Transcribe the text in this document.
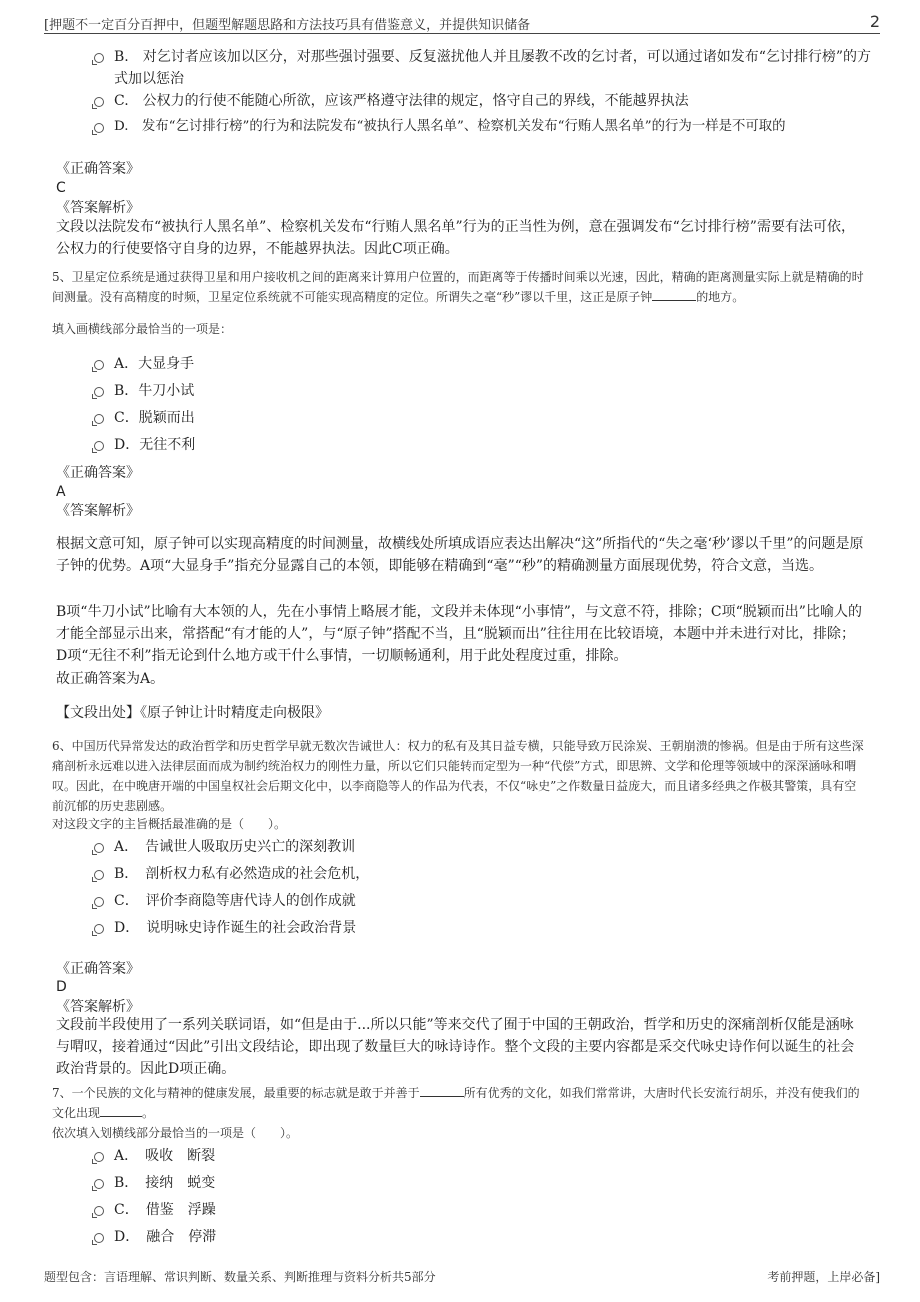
[押题不一定百分百押中，但题型解题思路和方法技巧具有借鉴意义，并提供知识储备	2
B.　 对乞讨者应该加以区分，对那些强讨强要、反复滋扰他人并且屡教不改的乞讨者，可以通过诸如发布“乞讨排行榜”的方式加以惩治
C.　 公权力的行使不能随心所欲，应该严格遵守法律的规定，恪守自己的界线，不能越界执法
D.　 发布“乞讨排行榜”的行为和法院发布“被执行人黑名单”、检察机关发布“行贿人黑名单”的行为一样是不可取的
《正确答案》
C
《答案解析》
文段以法院发布“被执行人黑名单”、检察机关发布“行贿人黑名单”行为的正当性为例，意在强调发布“乞讨排行榜”需要有法可依，公权力的行使要恪守自身的边界，不能越界执法。因此C项正确。
5、卫星定位系统是通过获得卫星和用户接收机之间的距离来计算用户位置的，而距离等于传播时间乘以光速，因此，精确的距离测量实际上就是精确的时间测量。没有高精度的时频，卫星定位系统就不可能实现高精度的定位。所谓失之毫“秒”谬以千里，这正是原子钟	的地方。
填入画横线部分最恰当的一项是：
A．大显身手
B．牛刀小试
C．脱颖而出
D．无往不利
《正确答案》
A
《答案解析》
根据文意可知，原子钟可以实现高精度的时间测量，故横线处所填成语应表达出解决“这”所指代的“失之毫‘秒’谬以千里”的问题是原子钟的优势。A项“大显身手”指充分显露自己的本领，即能够在精确到“毫”“秒”的精确测量方面展现优势，符合文意，当选。
B项“牛刀小试”比喻有大本领的人，先在小事情上略展才能，文段并未体现“小事情”，与文意不符，排除；C项“脱颖而出”比喻人的才能全部显示出来，常搭配“有才能的人”，与“原子钟”搭配不当，且“脱颖而出”往往用在比较语境，本题中并未进行对比，排除；D项“无往不利”指无论到什么地方或干什么事情，一切顺畅通利，用于此处程度过重，排除。
故正确答案为A。
【文段出处】《原子钟让计时精度走向极限》
6、中国历代异常发达的政治哲学和历史哲学早就无数次告诫世人：权力的私有及其日益专横，只能导致万民涂炭、王朝崩溃的惨祸。但是由于所有这些深痛剖析永远难以进入法律层面而成为制约统治权力的刚性力量，所以它们只能转而定型为一种“代偿”方式，即思辨、文学和伦理等领域中的深深涵咏和喟叹。因此，在中晚唐开端的中国皇权社会后期文化中，以李商隐等人的作品为代表，不仅“咏史”之作数量日益庞大，而且诸多经典之作极其警策，具有空前沉郁的历史悲剧感。
对这段文字的主旨概括最准确的是（　　）。
A．　 告诫世人吸取历史兴亡的深刻教训
B．　 剖析权力私有必然造成的社会危机，
C．　 评价李商隐等唐代诗人的创作成就
D．　 说明咏史诗作诞生的社会政治背景
《正确答案》
D
《答案解析》
文段前半段使用了一系列关联词语，如“但是由于...所以只能”等来交代了囿于中国的王朝政治，哲学和历史的深痛剖析仅能是涵咏与喟叹，接着通过“因此”引出文段结论，即出现了数量巨大的咏诗诗作。整个文段的主要内容都是采交代咏史诗作何以诞生的社会政治背景的。因此D项正确。
7、一个民族的文化与精神的健康发展，最重要的标志就是敢于并善于	所有优秀的文化，如我们常常讲，大唐时代长安流行胡乐，并没有使我们的文化出现	。
依次填入划横线部分最恰当的一项是（　　）。
A．　 吸收　断裂
B．　 接纳　蜕变
C．　 借鉴　浮躁
D．　 融合　停滞
题型包含：言语理解、常识判断、数量关系、判断推理与资料分析共5部分	考前押题，上岸必备]
